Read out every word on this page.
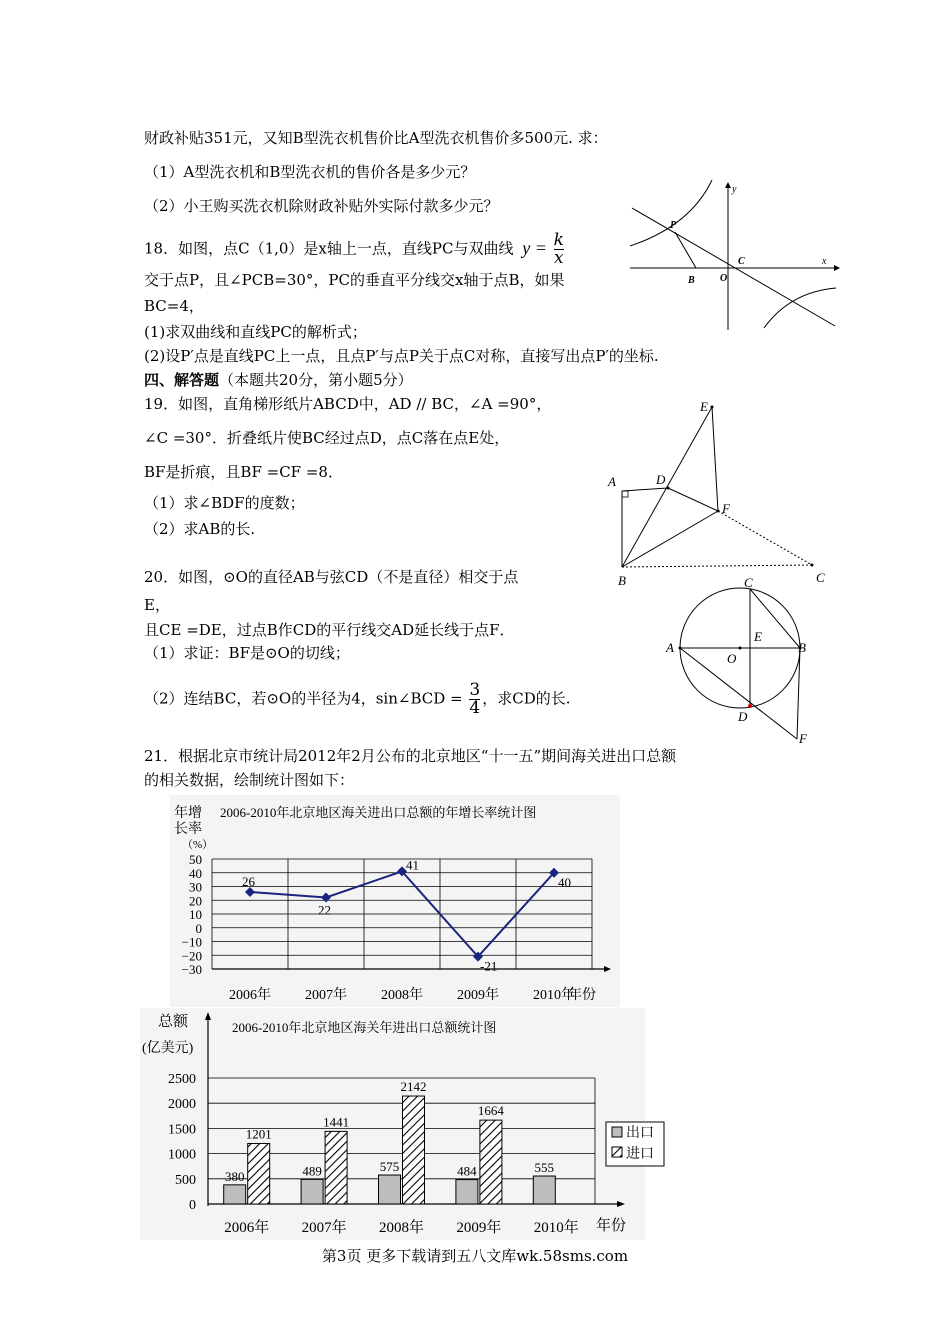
财政补贴351元，又知B型洗衣机售价比A型洗衣机售价多500元. 求：
（1）A型洗衣机和B型洗衣机的售价各是多少元？
（2）小王购买洗衣机除财政补贴外实际付款多少元？
18．如图，点C（1,0）是x轴上一点，直线PC与双曲线 $y = \frac{k}{x}$
交于点P，且∠PCB=30°，PC的垂直平分线交x轴于点B，如果
BC=4，
(1)求双曲线和直线PC的解析式；
(2)设P′点是直线PC上一点，且点P′与点P关于点C对称，直接写出点P′的坐标.
四、解答题（本题共20分，第小题5分）
19．如图，直角梯形纸片ABCD中，AD // BC，∠A =90°，
∠C =30°．折叠纸片使BC经过点D，点C落在点E处，
BF是折痕，且BF =CF =8．
（1）求∠BDF的度数；
（2）求AB的长.
20．如图，⊙O的直径AB与弦CD（不是直径）相交于点
E，
且CE =DE，过点B作CD的平行线交AD延长线于点F．
（1）求证：BF是⊙O的切线；
（2）连结BC，若⊙O的半径为4，sin∠BCD = $\frac{3}{4}$ ，求CD的长.
21．根据北京市统计局2012年2月公布的北京地区“十一五”期间海关进出口总额
的相关数据，绘制统计图如下：
第3页 更多下载请到五八文库wk.58sms.com
P
B	O
C	x
y
A
B	C
D
E
F
A	B
C
D
E
O
F
2006-2010年北京地区海关进出口总额的年增长率统计图
年增
长率
（%）
50
40
30
20
10
0
−10
−20
−30
2006年 2007年 2008年 2009年 2010年
26
22
41
-21
40
年份
总额
(亿美元)
2006-2010年北京地区海关年进出口总额统计图
2500
2000
1500
1000
500
0
2006年 2007年 2008年 2009年 2010年
380
1201
489
1441
575
2142
484
1664
555
出口
进口
年份
